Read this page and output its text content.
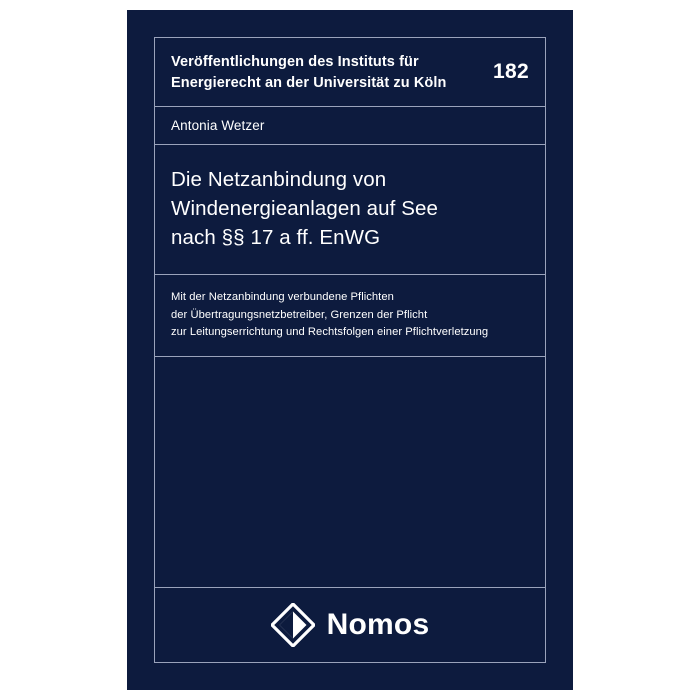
Veröffentlichungen des Instituts für
Energierecht an der Universität zu Köln 182
Antonia Wetzer
Die Netzanbindung von
Windenergieanlagen auf See
nach §§ 17 a ff. EnWG
Mit der Netzanbindung verbundene Pflichten
der Übertragungsnetzbetreiber, Grenzen der Pflicht
zur Leitungserrichtung und Rechtsfolgen einer Pflichtverletzung
Nomos
